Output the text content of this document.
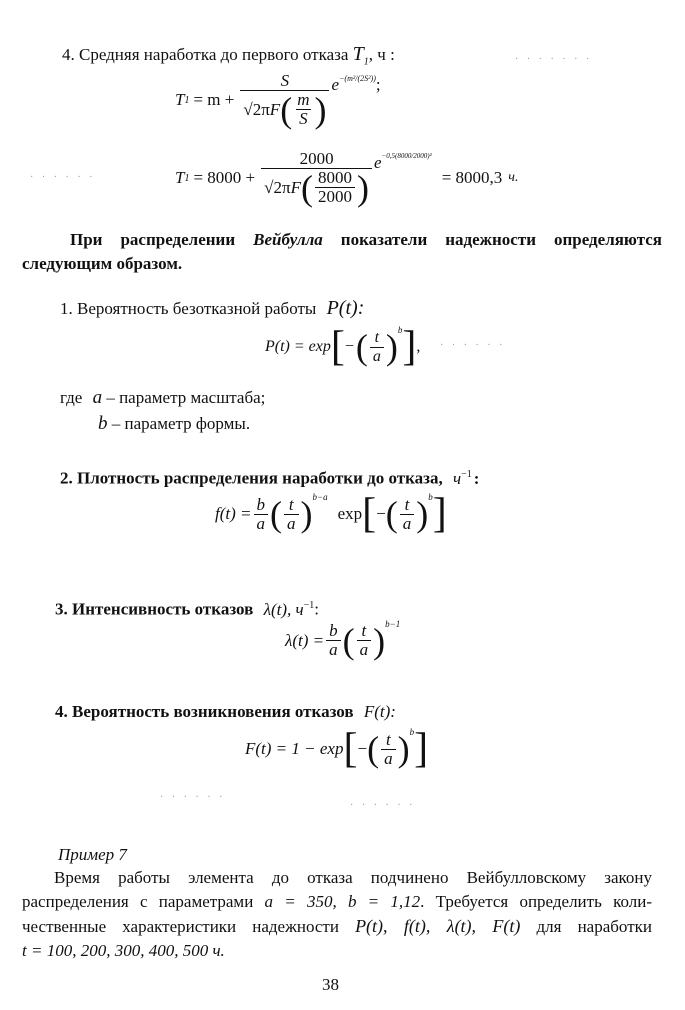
4. Средняя наработка до первого отказа $T_1$, ч :
T 1 = m +
S
√2π F ( $\frac{m}{S}$ )
e −(m²/(2S²)) ;
T 1 = 8000 +
2000
√2π F ( $\frac{8000}{2000}$ )
e −0,5(8000/2000)²
= 8000,3 ч.
· · · · · · ·
· · · · · ·
При распределении Вейбулла показатели надежности определяются следующим образом.
1. Вероятность безотказной работы P(t):
P(t) = exp [ − ( $\frac{t}{a}$ ) b ] ,
где a – параметр масштаба;
b – параметр формы.
· · · · · ·
2. Плотность распределения наработки до отказа, $ч^{-1}$ :
$f(t) = \frac{b}{a}$ ( $\frac{t}{a}$ ) b−a
exp [ − ( $\frac{t}{a}$ ) b ]
3. Интенсивность отказов λ(t), $ч^{-1}$:
$\lambda(t) = \frac{b}{a}$ ( $\frac{t}{a}$ ) b−1
4. Вероятность возникновения отказов F(t):
F(t) = 1 − exp [ − ( $\frac{t}{a}$ ) b ]
· · · · · ·
· · · · · ·
Пример 7
Время работы элемента до отказа подчинено Вейбулловскому закону
распределения с параметрами a = 350, b = 1,12. Требуется определить коли-
чественные характеристики надежности P(t), f(t), λ(t), F(t) для наработки
t = 100, 200, 300, 400, 500 ч.
38
